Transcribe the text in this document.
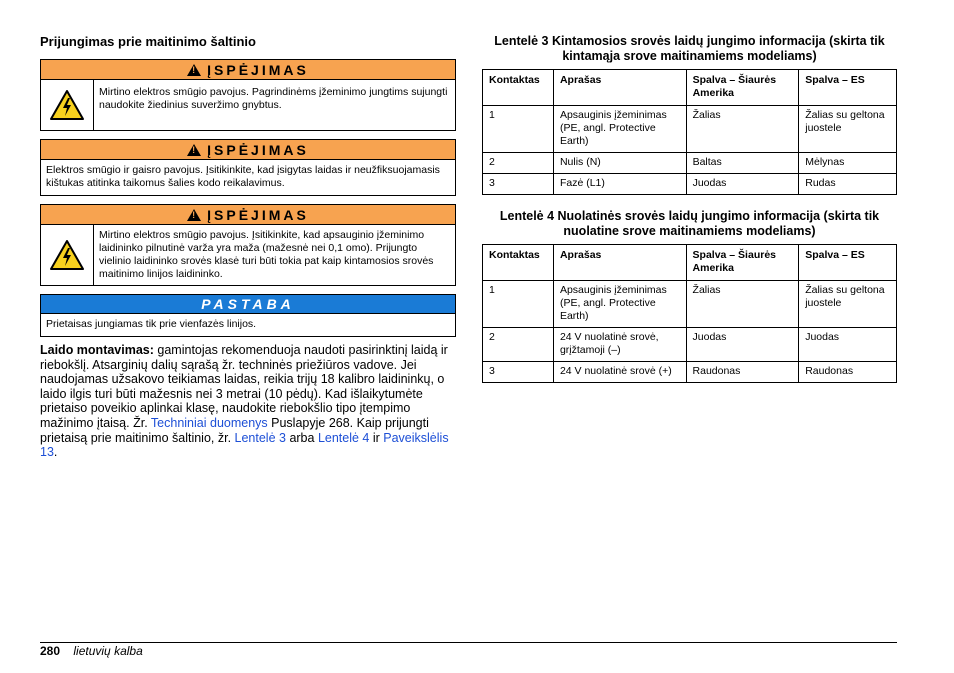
Prijungimas prie maitinimo šaltinio
!
ĮSPĖJIMAS
Mirtino elektros smūgio pavojus. Pagrindinėms įžeminimo jungtims sujungti naudokite žiedinius suveržimo gnybtus.
!
ĮSPĖJIMAS
Elektros smūgio ir gaisro pavojus. Įsitikinkite, kad įsigytas laidas ir neužfiksuojamasis kištukas atitinka taikomus šalies kodo reikalavimus.
!
ĮSPĖJIMAS
Mirtino elektros smūgio pavojus. Įsitikinkite, kad apsauginio įžeminimo laidininko pilnutinė varža yra maža (mažesnė nei 0,1 omo). Prijungto vielinio laidininko srovės klasė turi būti tokia pat kaip kintamosios srovės maitinimo linijos laidininko.
PASTABA
Prietaisas jungiamas tik prie vienfazės linijos.
Laido montavimas: gamintojas rekomenduoja naudoti pasirinktinį laidą ir riebokšlį. Atsarginių dalių sąrašą žr. techninės priežiūros vadove. Jei naudojamas užsakovo teikiamas laidas, reikia trijų 18 kalibro laidininkų, o laido ilgis turi būti mažesnis nei 3 metrai (10 pėdų). Kad išlaikytumėte prietaiso poveikio aplinkai klasę, naudokite riebokšlio tipo įtempimo mažinimo įtaisą. Žr. Techniniai duomenys Puslapyje 268. Kaip prijungti prietaisą prie maitinimo šaltinio, žr. Lentelė 3 arba Lentelė 4 ir Paveikslėlis 13.
Lentelė 3 Kintamosios srovės laidų jungimo informacija (skirta tik kintamąja srove maitinamiems modeliams)
Kontaktas	Aprašas	Spalva – Šiaurės Amerika	Spalva – ES
1	Apsauginis įžeminimas (PE, angl. Protective Earth)	Žalias	Žalias su geltona juostele
2	Nulis (N)	Baltas	Mėlynas
3	Fazė (L1)	Juodas	Rudas
Lentelė 4 Nuolatinės srovės laidų jungimo informacija (skirta tik nuolatine srove maitinamiems modeliams)
Kontaktas	Aprašas	Spalva – Šiaurės Amerika	Spalva – ES
1	Apsauginis įžeminimas (PE, angl. Protective Earth)	Žalias	Žalias su geltona juostele
2	24 V nuolatinė srovė, grįžtamoji (–)	Juodas	Juodas
3	24 V nuolatinė srovė (+)	Raudonas	Raudonas
280 lietuvių kalba
